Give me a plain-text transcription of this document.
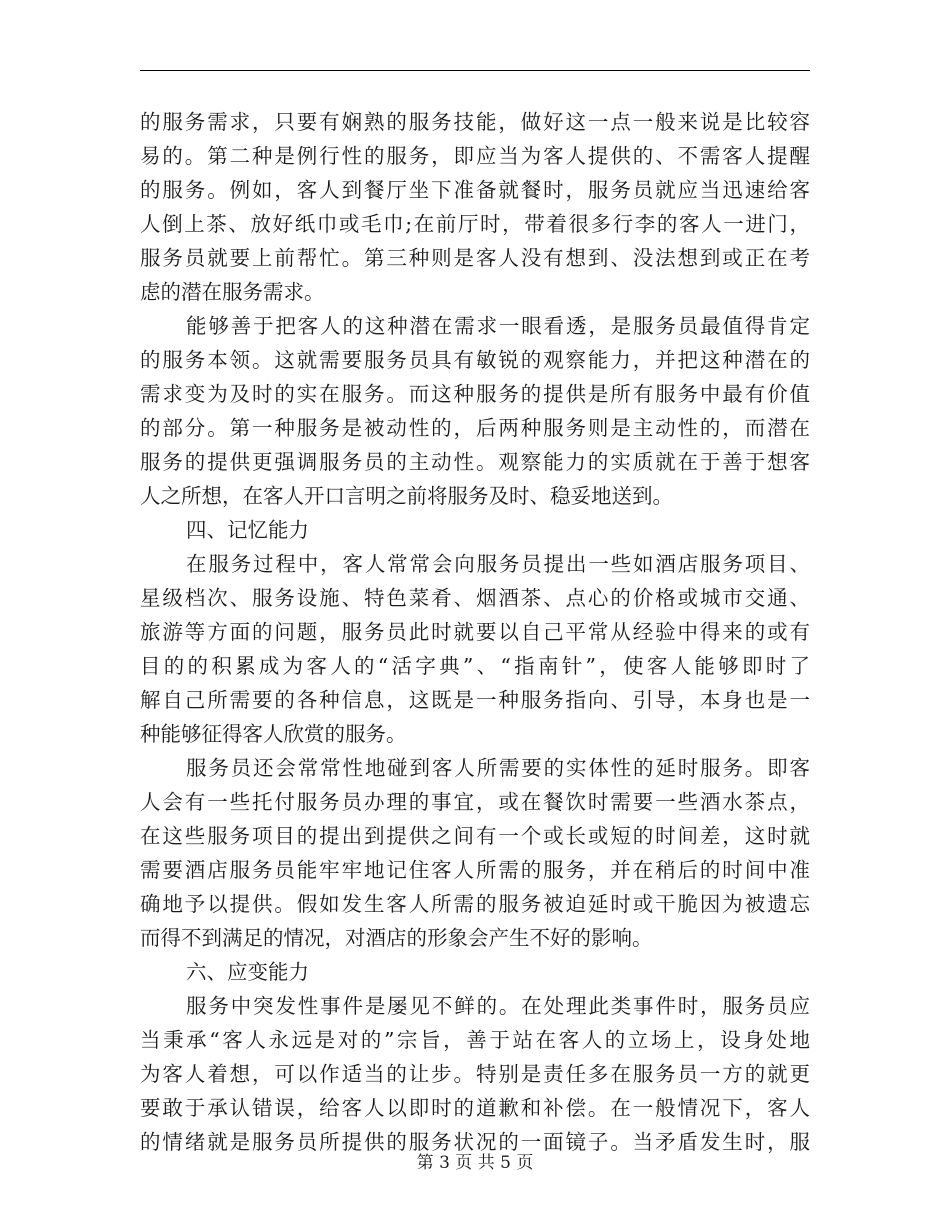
的服务需求，只要有娴熟的服务技能，做好这一点一般来说是比较容
易的。第二种是例行性的服务，即应当为客人提供的、不需客人提醒
的服务。例如，客人到餐厅坐下准备就餐时，服务员就应当迅速给客
人倒上茶、放好纸巾或毛巾;在前厅时，带着很多行李的客人一进门，
服务员就要上前帮忙。第三种则是客人没有想到、没法想到或正在考
虑的潜在服务需求。
能够善于把客人的这种潜在需求一眼看透，是服务员最值得肯定
的服务本领。这就需要服务员具有敏锐的观察能力，并把这种潜在的
需求变为及时的实在服务。而这种服务的提供是所有服务中最有价值
的部分。第一种服务是被动性的，后两种服务则是主动性的，而潜在
服务的提供更强调服务员的主动性。观察能力的实质就在于善于想客
人之所想，在客人开口言明之前将服务及时、稳妥地送到。
四、记忆能力
在服务过程中，客人常常会向服务员提出一些如酒店服务项目、
星级档次、服务设施、特色菜肴、烟酒茶、点心的价格或城市交通、
旅游等方面的问题，服务员此时就要以自己平常从经验中得来的或有
目的的积累成为客人的“活字典”、“指南针”，使客人能够即时了
解自己所需要的各种信息，这既是一种服务指向、引导，本身也是一
种能够征得客人欣赏的服务。
服务员还会常常性地碰到客人所需要的实体性的延时服务。即客
人会有一些托付服务员办理的事宜，或在餐饮时需要一些酒水茶点，
在这些服务项目的提出到提供之间有一个或长或短的时间差，这时就
需要酒店服务员能牢牢地记住客人所需的服务，并在稍后的时间中准
确地予以提供。假如发生客人所需的服务被迫延时或干脆因为被遗忘
而得不到满足的情况，对酒店的形象会产生不好的影响。
六、应变能力
服务中突发性事件是屡见不鲜的。在处理此类事件时，服务员应
当秉承“客人永远是对的”宗旨，善于站在客人的立场上，设身处地
为客人着想，可以作适当的让步。特别是责任多在服务员一方的就更
要敢于承认错误，给客人以即时的道歉和补偿。在一般情况下，客人
的情绪就是服务员所提供的服务状况的一面镜子。当矛盾发生时，服
第 3 页 共 5 页
